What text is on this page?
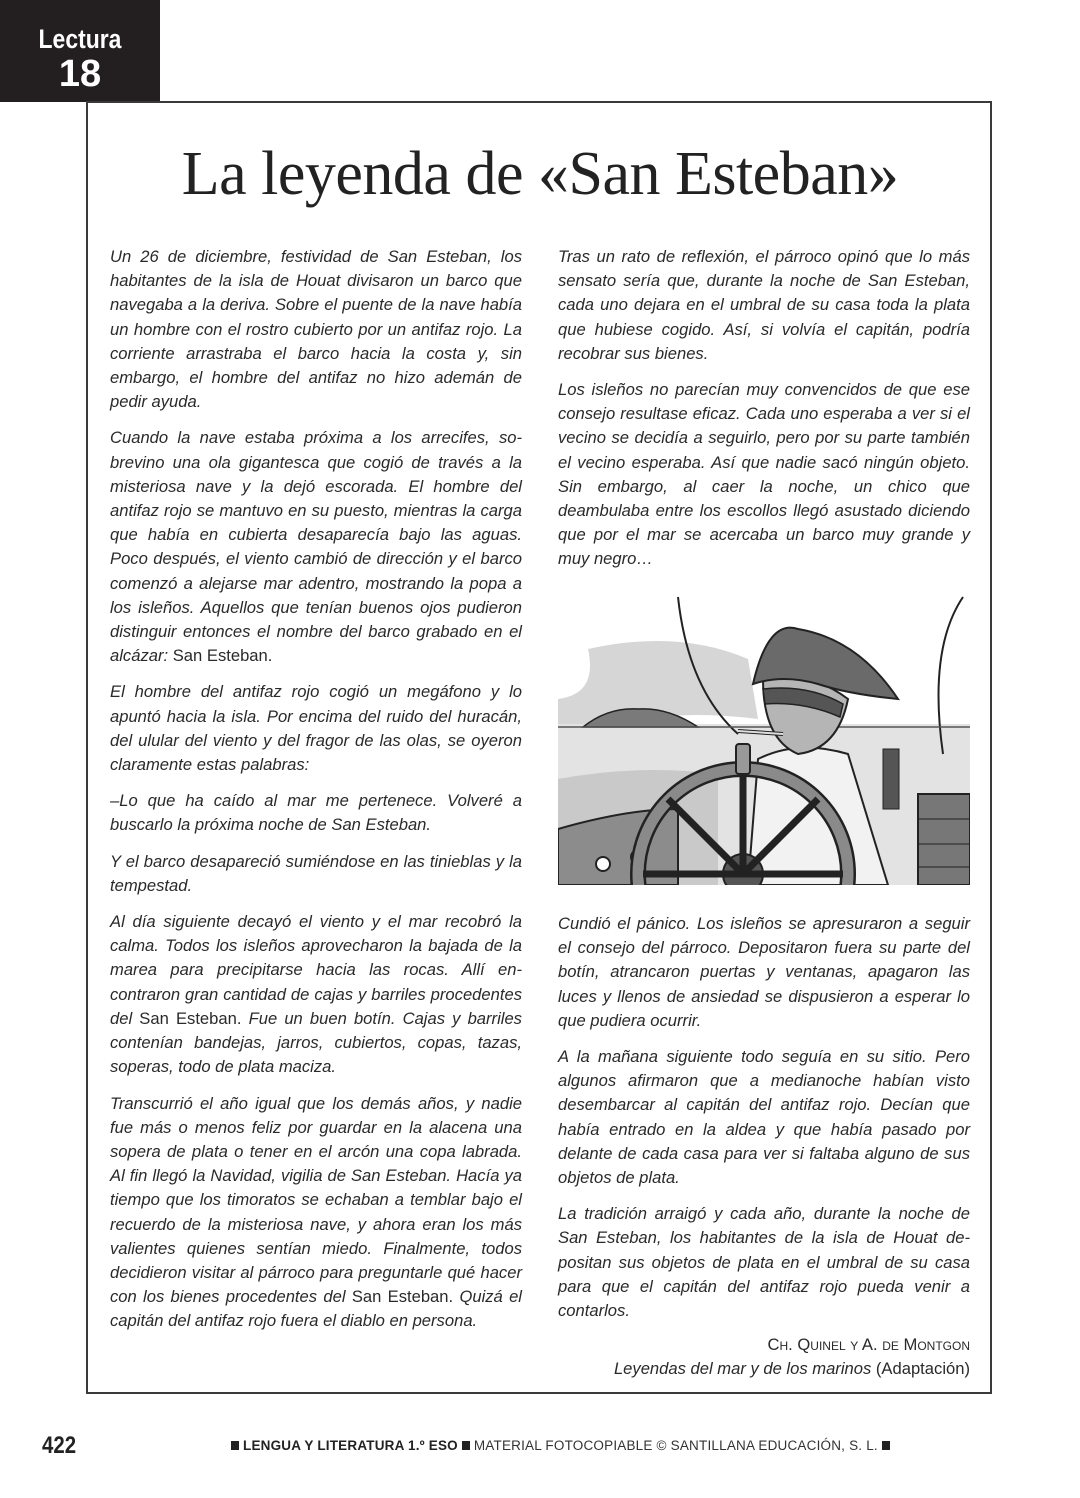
Lectura
18
La leyenda de «San Esteban»

Un 26 de diciembre, festividad de San Esteban, los habitantes de la isla de Houat divisaron un barco que navegaba a la deriva. Sobre el puente de la nave había un hombre con el rostro cubierto por un antifaz rojo. La corriente arrastraba el barco hacia la costa y, sin embargo, el hombre del antifaz no hizo ademán de pedir ayuda.

Cuando la nave estaba próxima a los arrecifes, sobrevino una ola gigantesca que cogió de través a la misteriosa nave y la dejó escorada. El hombre del antifaz rojo se mantuvo en su puesto, mientras la carga que había en cubierta desaparecía bajo las aguas. Poco después, el viento cambió de dirección y el barco comenzó a alejarse mar adentro, mostrando la popa a los isleños. Aquellos que tenían buenos ojos pudieron distinguir entonces el nombre del barco grabado en el alcázar: San Esteban.

El hombre del antifaz rojo cogió un megáfono y lo apuntó hacia la isla. Por encima del ruido del huracán, del ulular del viento y del fragor de las olas, se oyeron claramente estas palabras:

–Lo que ha caído al mar me pertenece. Volveré a buscarlo la próxima noche de San Esteban.

Y el barco desapareció sumiéndose en las tinieblas y la tempestad.

Al día siguiente decayó el viento y el mar recobró la calma. Todos los isleños aprovecharon la bajada de la marea para precipitarse hacia las rocas. Allí encontraron gran cantidad de cajas y barriles procedentes del San Esteban. Fue un buen botín. Cajas y barriles contenían bandejas, jarros, cubiertos, copas, tazas, soperas, todo de plata maciza.

Transcurrió el año igual que los demás años, y nadie fue más o menos feliz por guardar en la alacena una sopera de plata o tener en el arcón una copa labrada. Al fin llegó la Navidad, vigilia de San Esteban. Hacía ya tiempo que los timoratos se echaban a temblar bajo el recuerdo de la misteriosa nave, y ahora eran los más valientes quienes sentían miedo. Finalmente, todos decidieron visitar al párroco para preguntarle qué hacer con los bienes procedentes del San Esteban. Quizá el capitán del antifaz rojo fuera el diablo en persona.

Tras un rato de reflexión, el párroco opinó que lo más sensato sería que, durante la noche de San Esteban, cada uno dejara en el umbral de su casa toda la plata que hubiese cogido. Así, si volvía el capitán, podría recobrar sus bienes.

Los isleños no parecían muy convencidos de que ese consejo resultase eficaz. Cada uno esperaba a ver si el vecino se decidía a seguirlo, pero por su parte también el vecino esperaba. Así que nadie sacó ningún objeto. Sin embargo, al caer la noche, un chico que deambulaba entre los escollos llegó asustado diciendo que por el mar se acercaba un barco muy grande y muy negro…

Cundió el pánico. Los isleños se apresuraron a seguir el consejo del párroco. Depositaron fuera su parte del botín, atrancaron puertas y ventanas, apagaron las luces y llenos de ansiedad se dispusieron a esperar lo que pudiera ocurrir.

A la mañana siguiente todo seguía en su sitio. Pero algunos afirmaron que a medianoche habían visto desembarcar al capitán del antifaz rojo. Decían que había entrado en la aldea y que había pasado por delante de cada casa para ver si faltaba alguno de sus objetos de plata.

La tradición arraigó y cada año, durante la noche de San Esteban, los habitantes de la isla de Houat depositan sus objetos de plata en el umbral de su casa para que el capitán del antifaz rojo pueda venir a contarlos.

Ch. Quinel y A. de Montgon
Leyendas del mar y de los marinos (Adaptación)
422	LENGUA Y LITERATURA 1.º ESO MATERIAL FOTOCOPIABLE © SANTILLANA EDUCACIÓN, S. L.
